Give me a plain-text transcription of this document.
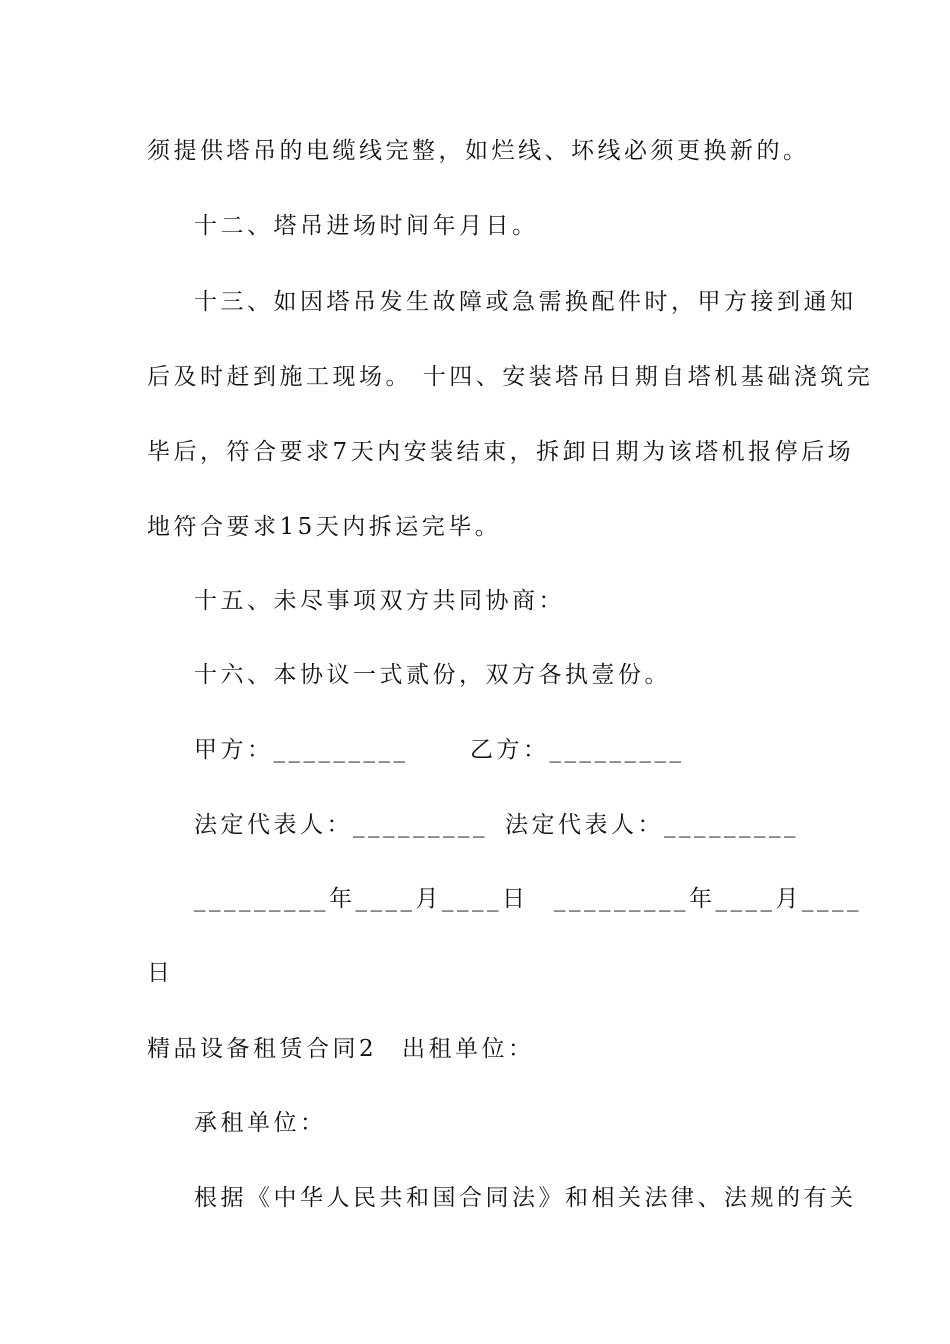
须提供塔吊的电缆线完整，如烂线、坏线必须更换新的。
十二、塔吊进场时间年月日。
十三、如因塔吊发生故障或急需换配件时，甲方接到通知
后及时赶到施工现场。 十四、安装塔吊日期自塔机基础浇筑完
毕后，符合要求7天内安装结束，拆卸日期为该塔机报停后场
地符合要求15天内拆运完毕。
十五、未尽事项双方共同协商：
十六、本协议一式贰份，双方各执壹份。
甲方：_________	乙方：_________
法定代表人：_________ 法定代表人：_________
_________年____月____日 _________年____月____
日
精品设备租赁合同2	出租单位：
承租单位：
根据《中华人民共和国合同法》和相关法律、法规的有关
